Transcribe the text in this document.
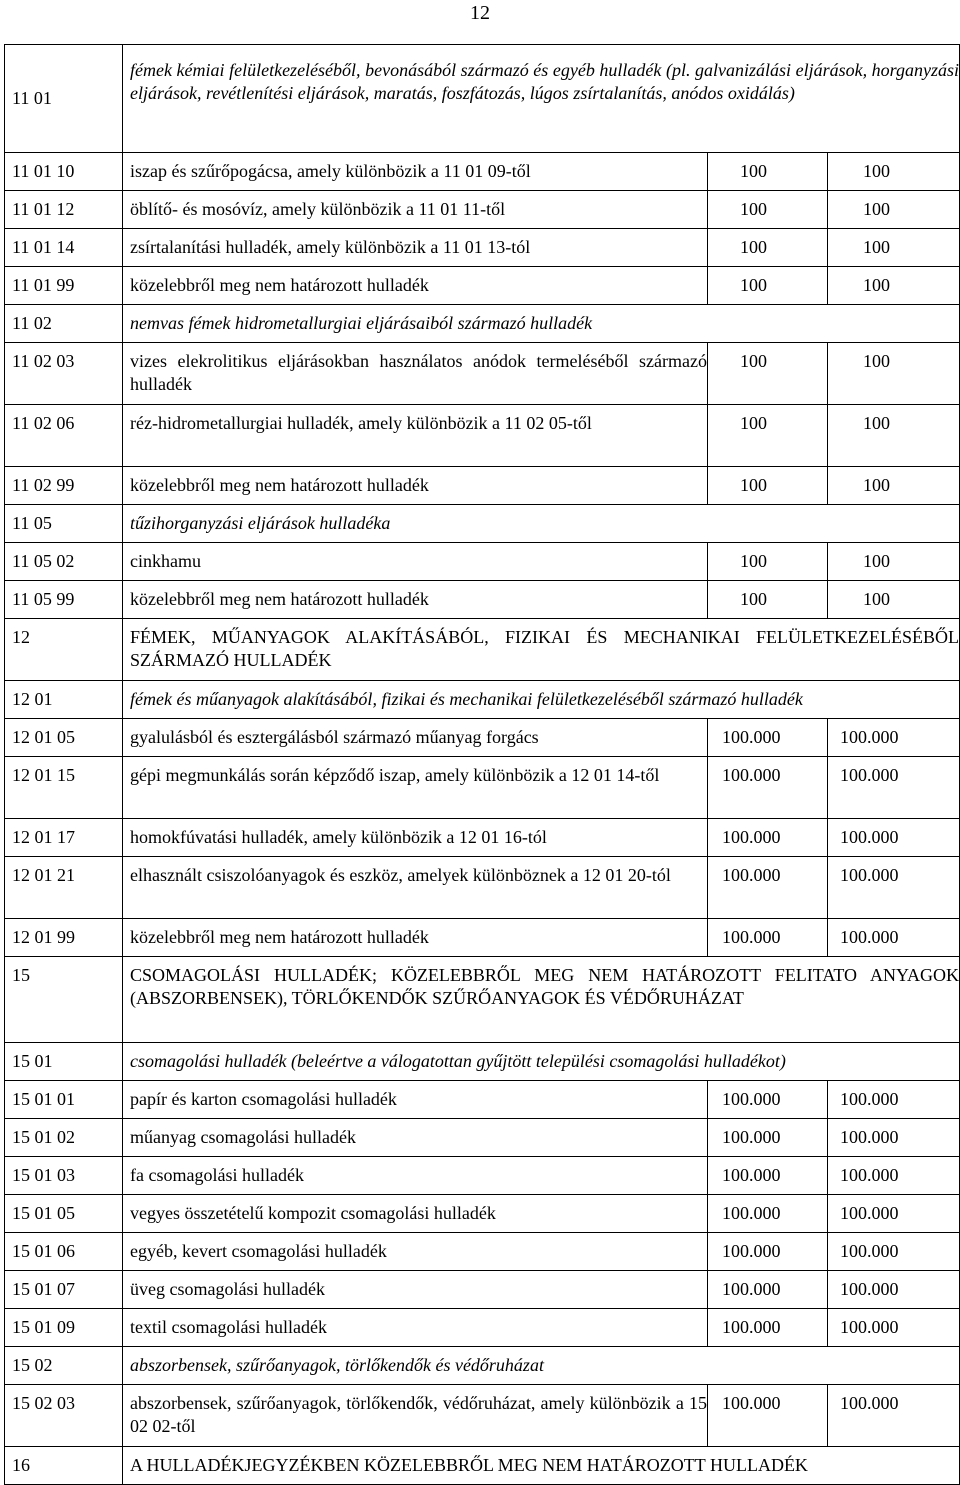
12
11 01	fémek kémiai felületkezeléséből, bevonásából származó és egyéb hulladék (pl. galvanizálási eljárások, horganyzási eljárások, revétlenítési eljárások, maratás, foszfátozás, lúgos zsírtalanítás, anódos oxidálás)		
11 01 10	iszap és szűrőpogácsa, amely különbözik a 11 01 09-től	100	100
11 01 12	öblítő- és mosóvíz, amely különbözik a 11 01 11-től	100	100
11 01 14	zsírtalanítási hulladék, amely különbözik a 11 01 13-tól	100	100
11 01 99	közelebbről meg nem határozott hulladék	100	100
11 02	nemvas fémek hidrometallurgiai eljárásaiból származó hulladék		
11 02 03	vizes elekrolitikus eljárásokban használatos anódok termeléséből származó hulladék	100	100
11 02 06	réz-hidrometallurgiai hulladék, amely különbözik a 11 02 05-től	100	100
11 02 99	közelebbről meg nem határozott hulladék	100	100
11 05	tűzihorganyzási eljárások hulladéka		
11 05 02	cinkhamu	100	100
11 05 99	közelebbről meg nem határozott hulladék	100	100
12	FÉMEK, MŰANYAGOK ALAKÍTÁSÁBÓL, FIZIKAI ÉS MECHANIKAI FELÜLETKEZELÉSÉBŐL SZÁRMAZÓ HULLADÉK		
12 01	fémek és műanyagok alakításából, fizikai és mechanikai felületkezeléséből származó hulladék		
12 01 05	gyalulásból és esztergálásból származó műanyag forgács	100.000	100.000
12 01 15	gépi megmunkálás során képződő iszap, amely különbözik a 12 01 14-től	100.000	100.000
12 01 17	homokfúvatási hulladék, amely különbözik a 12 01 16-tól	100.000	100.000
12 01 21	elhasznált csiszolóanyagok és eszköz, amelyek különböznek a 12 01 20-tól	100.000	100.000
12 01 99	közelebbről meg nem határozott hulladék	100.000	100.000
15	CSOMAGOLÁSI HULLADÉK; KÖZELEBBRŐL MEG NEM HATÁROZOTT FELITATO ANYAGOK (ABSZORBENSEK), TÖRLŐKENDŐK SZŰRŐANYAGOK ÉS VÉDŐRUHÁZAT		
15 01	csomagolási hulladék (beleértve a válogatottan gyűjtött települési csomagolási hulladékot)		
15 01 01	papír és karton csomagolási hulladék	100.000	100.000
15 01 02	műanyag csomagolási hulladék	100.000	100.000
15 01 03	fa csomagolási hulladék	100.000	100.000
15 01 05	vegyes összetételű kompozit csomagolási hulladék	100.000	100.000
15 01 06	egyéb, kevert csomagolási hulladék	100.000	100.000
15 01 07	üveg csomagolási hulladék	100.000	100.000
15 01 09	textil csomagolási hulladék	100.000	100.000
15 02	abszorbensek, szűrőanyagok, törlőkendők és védőruházat		
15 02 03	abszorbensek, szűrőanyagok, törlőkendők, védőruházat, amely különbözik a 15 02 02-től	100.000	100.000
16	A HULLADÉKJEGYZÉKBEN KÖZELEBBRŐL MEG NEM HATÁROZOTT HULLADÉK		
